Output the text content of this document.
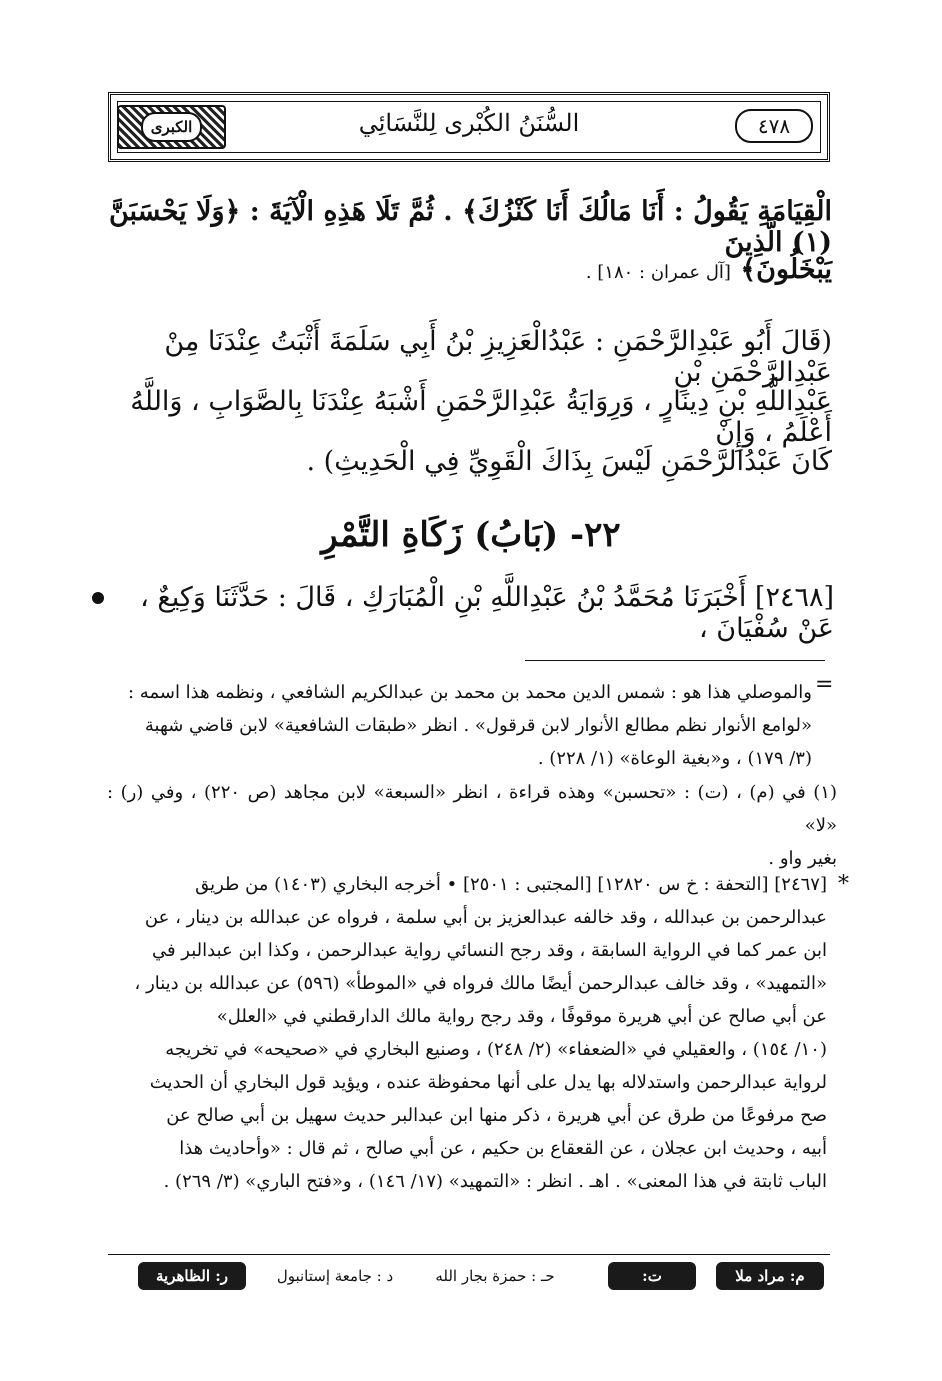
الكبرى	السُّنَنُ الكُبْرى لِلنَّسَائِي	٤٧٨
الْقِيَامَةِ يَقُولُ : أَنَا مَالُكَ أَنَا كَنْزُكَ﴾ . ثُمَّ تَلَا هَذِهِ الْآيَةَ : ﴿وَلَا يَحْسَبَنَّ (١) الَّذِينَ
يَبْخَلُونَ﴾ [آل عمران : ١٨٠] .
(قَالَ أَبُو عَبْدِالرَّحْمَنِ : عَبْدُالْعَزِيزِ بْنُ أَبِي سَلَمَةَ أَثْبَتُ عِنْدَنَا مِنْ عَبْدِالرَّحْمَنِ بْنِ
عَبْدِاللَّهِ بْنِ دِينَارٍ ، وَرِوَايَةُ عَبْدِالرَّحْمَنِ أَشْبَهُ عِنْدَنَا بِالصَّوَابِ ، وَاللَّهُ أَعْلَمُ ، وَإِنْ
كَانَ عَبْدُالرَّحْمَنِ لَيْسَ بِذَاكَ الْقَوِيِّ فِي الْحَدِيثِ) .
٢٢- (بَابُ) زَكَاةِ التَّمْرِ
[٢٤٦٨] أَخْبَرَنَا مُحَمَّدُ بْنُ عَبْدِاللَّهِ بْنِ الْمُبَارَكِ ، قَالَ : حَدَّثَنَا وَكِيعٌ ، عَنْ سُفْيَانَ ،
=
والموصلي هذا هو : شمس الدين محمد بن محمد بن عبدالكريم الشافعي ، ونظمه هذا اسمه :
«لوامع الأنوار نظم مطالع الأنوار لابن قرقول» . انظر «طبقات الشافعية» لابن قاضي شهبة
(٣/ ١٧٩) ، و«بغية الوعاة» (١/ ٢٢٨) .
(١) في (م) ، (ت) : «تحسبن» وهذه قراءة ، انظر «السبعة» لابن مجاهد (ص ٢٢٠) ، وفي (ر) : «لا»
بغير واو .
*
[٢٤٦٧] [التحفة : خ س ١٢٨٢٠] [المجتبى : ٢٥٠١] • أخرجه البخاري (١٤٠٣) من طريق
عبدالرحمن بن عبدالله ، وقد خالفه عبدالعزيز بن أبي سلمة ، فرواه عن عبدالله بن دينار ، عن
ابن عمر كما في الرواية السابقة ، وقد رجح النسائي رواية عبدالرحمن ، وكذا ابن عبدالبر في
«التمهيد» ، وقد خالف عبدالرحمن أيضًا مالك فرواه في «الموطأ» (٥٩٦) عن عبدالله بن دينار ،
عن أبي صالح عن أبي هريرة موقوفًا ، وقد رجح رواية مالك الدارقطني في «العلل»
(١٠/ ١٥٤) ، والعقيلي في «الضعفاء» (٢/ ٢٤٨) ، وصنيع البخاري في «صحيحه» في تخريجه
لرواية عبدالرحمن واستدلاله بها يدل على أنها محفوظة عنده ، ويؤيد قول البخاري أن الحديث
صح مرفوعًا من طرق عن أبي هريرة ، ذكر منها ابن عبدالبر حديث سهيل بن أبي صالح عن
أبيه ، وحديث ابن عجلان ، عن القعقاع بن حكيم ، عن أبي صالح ، ثم قال : «وأحاديث هذا
الباب ثابتة في هذا المعنى» . اهـ . انظر : «التمهيد» (١٧/ ١٤٦) ، و«فتح الباري» (٣/ ٢٦٩) .
ر: الظاهرية	د : جامعة إستانبول	حـ : حمزة بجار الله	ت: تطوان
م: مراد ملا
